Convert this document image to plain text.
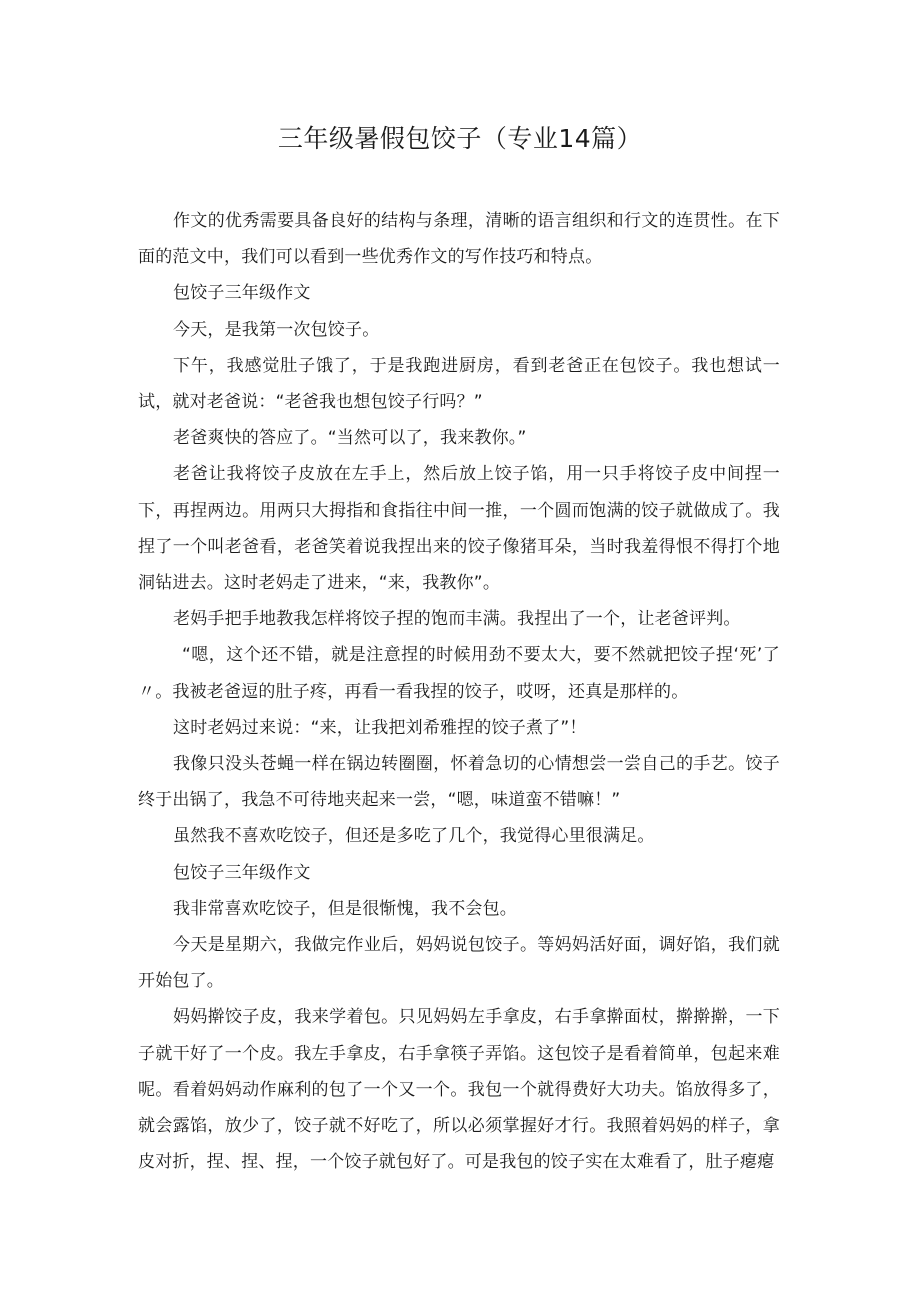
三年级暑假包饺子（专业14篇）

作文的优秀需要具备良好的结构与条理，清晰的语言组织和行文的连贯性。在下面的范文中，我们可以看到一些优秀作文的写作技巧和特点。

包饺子三年级作文

今天，是我第一次包饺子。

下午，我感觉肚子饿了，于是我跑进厨房，看到老爸正在包饺子。我也想试一试，就对老爸说：“老爸我也想包饺子行吗？”

老爸爽快的答应了。“当然可以了，我来教你。”

老爸让我将饺子皮放在左手上，然后放上饺子馅，用一只手将饺子皮中间捏一下，再捏两边。用两只大拇指和食指往中间一推，一个圆而饱满的饺子就做成了。我捏了一个叫老爸看，老爸笑着说我捏出来的饺子像猪耳朵，当时我羞得恨不得打个地洞钻进去。这时老妈走了进来，“来，我教你”。

老妈手把手地教我怎样将饺子捏的饱而丰满。我捏出了一个，让老爸评判。

“嗯，这个还不错，就是注意捏的时候用劲不要太大，要不然就把饺子捏‘死’了〃。我被老爸逗的肚子疼，再看一看我捏的饺子，哎呀，还真是那样的。

这时老妈过来说：“来，让我把刘希雅捏的饺子煮了”！

我像只没头苍蝇一样在锅边转圈圈，怀着急切的心情想尝一尝自己的手艺。饺子终于出锅了，我急不可待地夹起来一尝，“嗯，味道蛮不错嘛！”

虽然我不喜欢吃饺子，但还是多吃了几个，我觉得心里很满足。

包饺子三年级作文

我非常喜欢吃饺子，但是很惭愧，我不会包。

今天是星期六，我做完作业后，妈妈说包饺子。等妈妈活好面，调好馅，我们就开始包了。

妈妈擀饺子皮，我来学着包。只见妈妈左手拿皮，右手拿擀面杖，擀擀擀，一下子就干好了一个皮。我左手拿皮，右手拿筷子弄馅。这包饺子是看着简单，包起来难呢。看着妈妈动作麻利的包了一个又一个。我包一个就得费好大功夫。馅放得多了，就会露馅，放少了，饺子就不好吃了，所以必须掌握好才行。我照着妈妈的样子，拿皮对折，捏、捏、捏，一个饺子就包好了。可是我包的饺子实在太难看了，肚子瘪瘪
